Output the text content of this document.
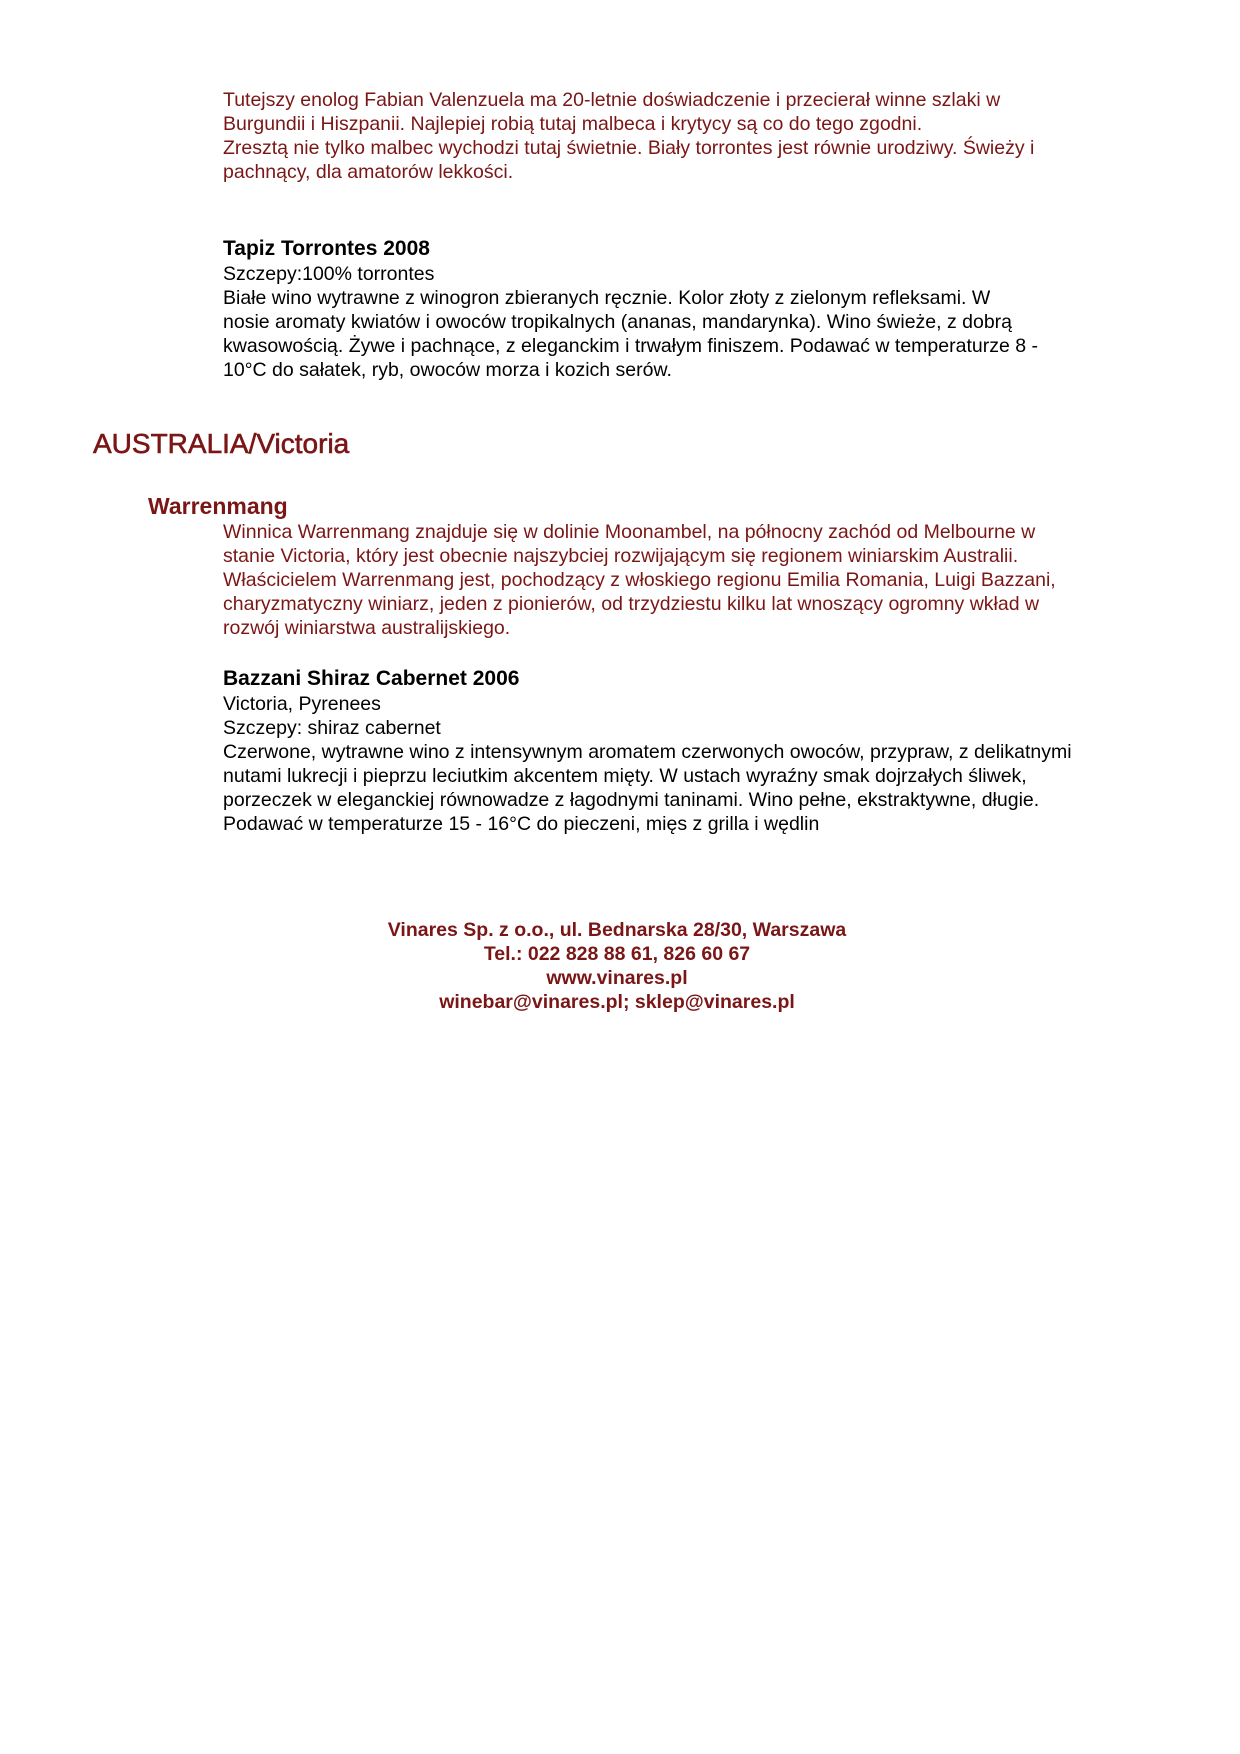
Tutejszy enolog Fabian Valenzuela ma 20-letnie doświadczenie i przecierał winne szlaki w
Burgundii i Hiszpanii. Najlepiej robią tutaj malbeca i krytycy są co do tego zgodni.
Zresztą nie tylko malbec wychodzi tutaj świetnie. Biały torrontes jest równie urodziwy. Świeży i
pachnący, dla amatorów lekkości.
Tapiz Torrontes 2008
Szczepy:100% torrontes
Białe wino wytrawne z winogron zbieranych ręcznie. Kolor złoty z zielonym refleksami. W
nosie aromaty kwiatów i owoców tropikalnych (ananas, mandarynka). Wino świeże, z dobrą
kwasowością. Żywe i pachnące, z eleganckim i trwałym finiszem. Podawać w temperaturze 8 -
10°C do sałatek, ryb, owoców morza i kozich serów.
AUSTRALIA/Victoria
Warrenmang
Winnica Warrenmang znajduje się w dolinie Moonambel, na północny zachód od Melbourne w
stanie Victoria, który jest obecnie najszybciej rozwijającym się regionem winiarskim Australii.
Właścicielem Warrenmang jest, pochodzący z włoskiego regionu Emilia Romania, Luigi Bazzani,
charyzmatyczny winiarz, jeden z pionierów, od trzydziestu kilku lat wnoszący ogromny wkład w
rozwój winiarstwa australijskiego.
Bazzani Shiraz Cabernet 2006
Victoria, Pyrenees
Szczepy: shiraz cabernet
Czerwone, wytrawne wino z intensywnym aromatem czerwonych owoców, przypraw, z delikatnymi
nutami lukrecji i pieprzu leciutkim akcentem mięty. W ustach wyraźny smak dojrzałych śliwek,
porzeczek w eleganckiej równowadze z łagodnymi taninami. Wino pełne, ekstraktywne, długie.
Podawać w temperaturze 15 - 16°C do pieczeni, mięs z grilla i wędlin
Vinares Sp. z o.o., ul. Bednarska 28/30, Warszawa
Tel.: 022 828 88 61, 826 60 67
www.vinares.pl
winebar@vinares.pl; sklep@vinares.pl
